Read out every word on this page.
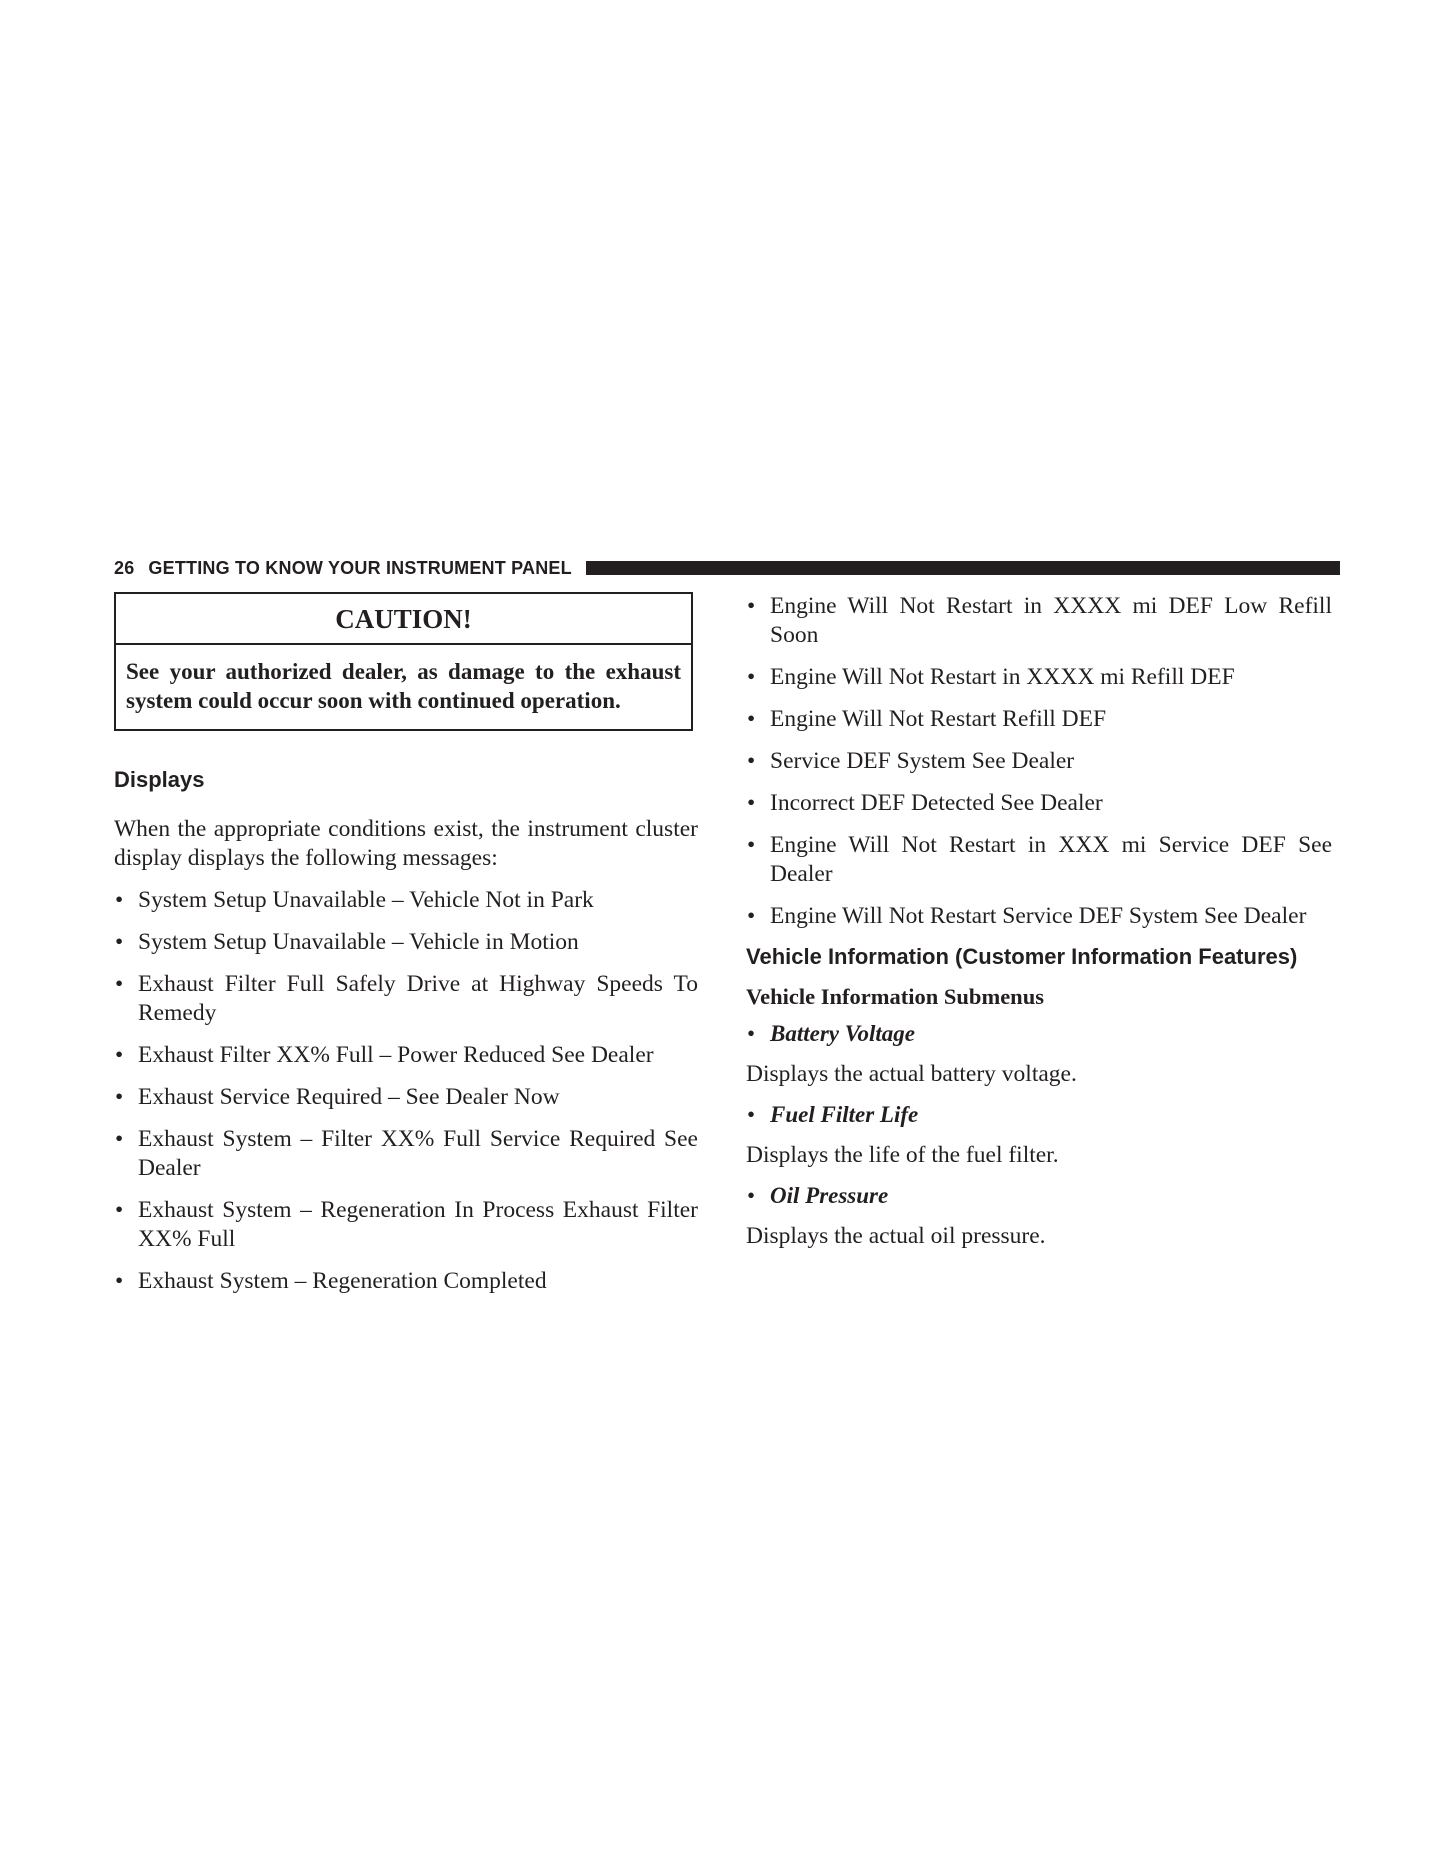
26 GETTING TO KNOW YOUR INSTRUMENT PANEL
CAUTION!
See your authorized dealer, as damage to the exhaust system could occur soon with continued operation.
Displays
When the appropriate conditions exist, the instrument cluster display displays the following messages:
• System Setup Unavailable – Vehicle Not in Park
• System Setup Unavailable – Vehicle in Motion
• Exhaust Filter Full Safely Drive at Highway Speeds To Remedy
• Exhaust Filter XX% Full – Power Reduced See Dealer
• Exhaust Service Required – See Dealer Now
• Exhaust System – Filter XX% Full Service Required See Dealer
• Exhaust System – Regeneration In Process Exhaust Filter XX% Full
• Exhaust System – Regeneration Completed
• Engine Will Not Restart in XXXX mi DEF Low Refill Soon
• Engine Will Not Restart in XXXX mi Refill DEF
• Engine Will Not Restart Refill DEF
• Service DEF System See Dealer
• Incorrect DEF Detected See Dealer
• Engine Will Not Restart in XXX mi Service DEF See Dealer
• Engine Will Not Restart Service DEF System See Dealer
Vehicle Information (Customer Information Features)
Vehicle Information Submenus
• Battery Voltage
Displays the actual battery voltage.
• Fuel Filter Life
Displays the life of the fuel filter.
• Oil Pressure
Displays the actual oil pressure.
